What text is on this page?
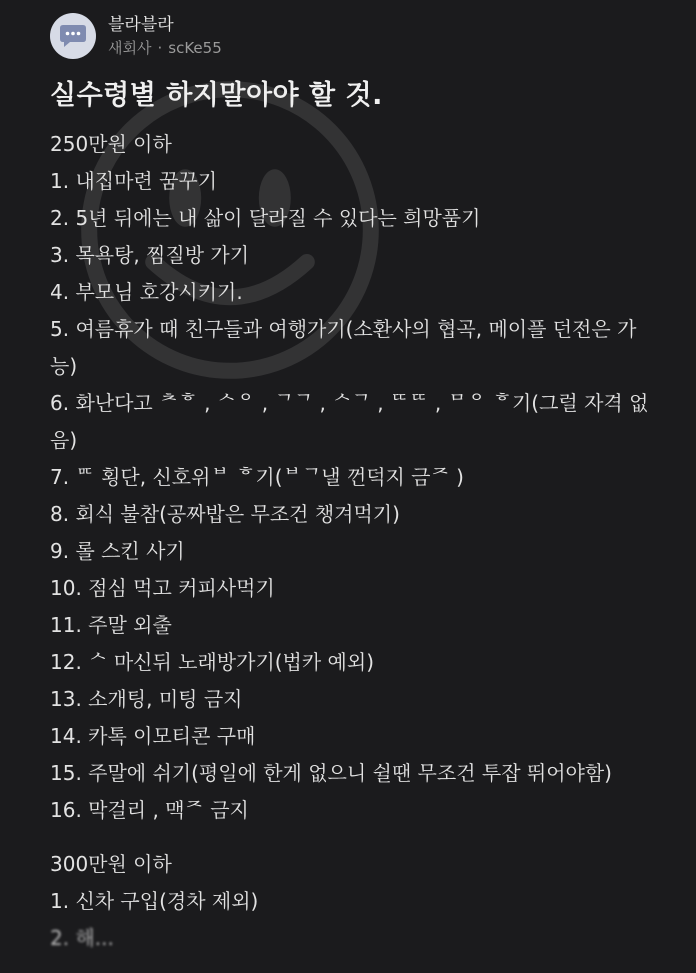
블라블라
새회사 · scKe55
실수령별 하지말아야 할 것.
250만원 이하
1. 내집마련 꿈꾸기
2. 5년 뒤에는 내 삶이 달라질 수 있다는 희망품기
3. 목욕탕, 찜질방 가기
4. 부모님 호강시키기.
5. 여름휴가 때 친구들과 여행가기(소환사의 협곡, 메이플 던전은 가능)
6. 화난다고 ᄎᄒ , ᄉᄋ , ᄀᄀ , ᄉᄀ , ᄄᄄ , ᄆᄋ ᄒ기(그럴 자격 없음)
7. ᄆᄃ 횡단, 신호위ᄇ ᄒ기(ᄇᄀ낼 껀덕지 금ᄌ )
8. 회식 불참(공짜밥은 무조건 챙겨먹기)
9. 롤 스킨 사기
10. 점심 먹고 커피사먹기
11. 주말 외출
12. ᄉ 마신뒤 노래방가기(법카 예외)
13. 소개팅, 미팅 금지
14. 카톡 이모티콘 구매
15. 주말에 쉬기(평일에 한게 없으니 쉴땐 무조건 투잡 뛰어야함)
16. 막걸리 , 맥ᄌ 금지
300만원 이하
1. 신차 구입(경차 제외)
2. 해...
